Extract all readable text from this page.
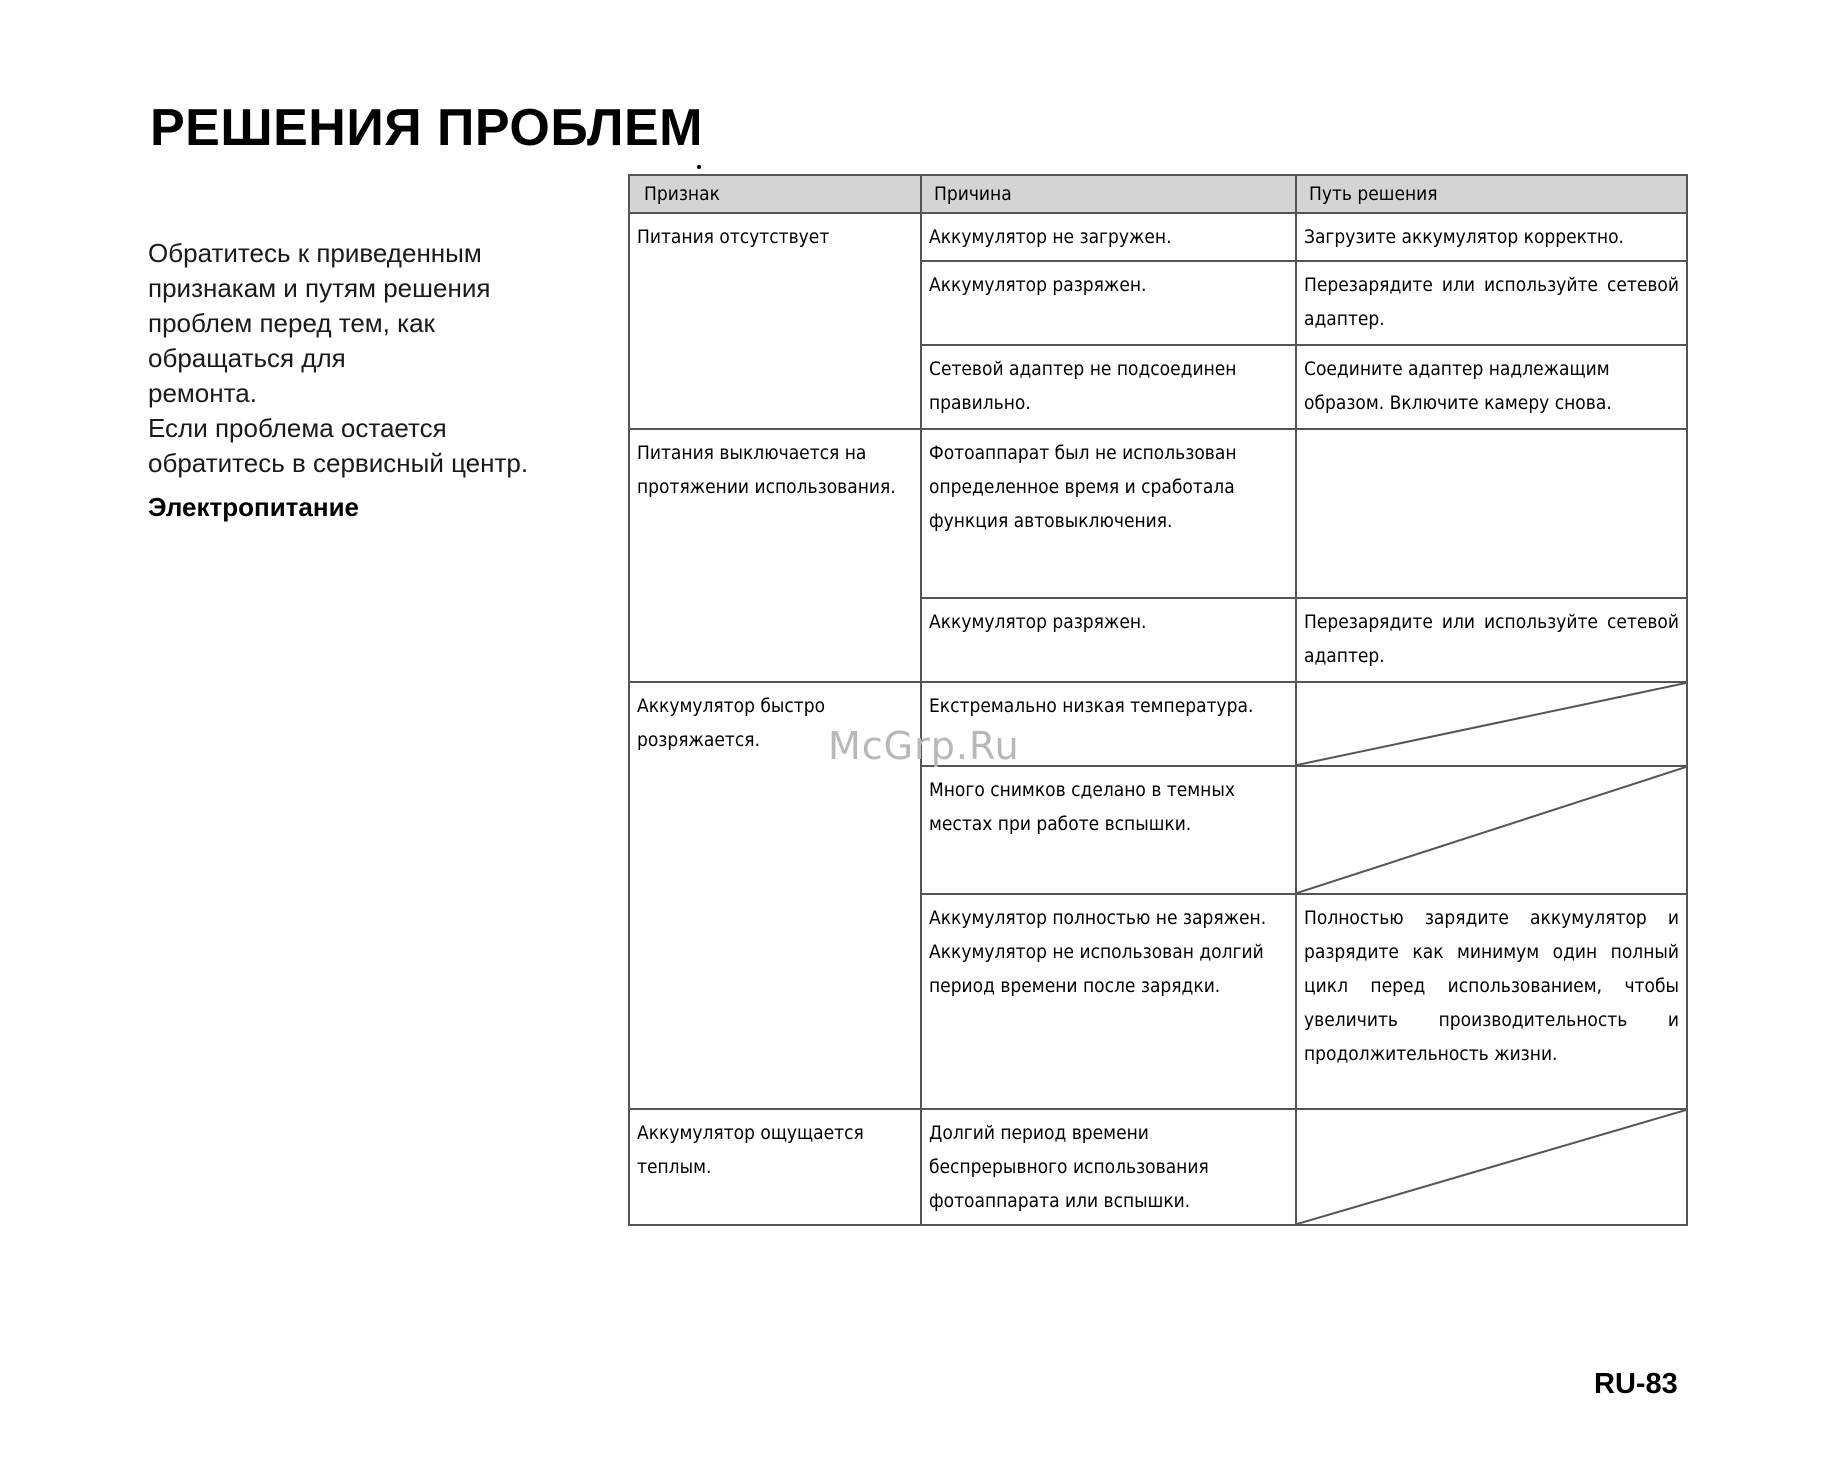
РЕШЕНИЯ ПРОБЛЕМ

Обратитесь к приведенным

признакам и путям решения

проблем перед тем, как

обращаться для

ремонта.

Если проблема остается

обратитесь в сервисный центр.

Электропитание
Признак	Причина	Путь решения
Питания отсутствует	Аккумулятор не загружен.	Загрузите аккумулятор корректно.
	Аккумулятор разряжен.	Перезарядите или используйте сетевой адаптер.
	Сетевой адаптер не подсоединен правильно.	Соедините адаптер надлежащим образом. Включите камеру снова.
Питания выключается на протяжении использования.	Фотоаппарат был не использован определенное время и сработала функция автовыключения.	
	Аккумулятор разряжен.	Перезарядите или используйте сетевой адаптер.
Аккумулятор быстро розряжается.	Екстремально низкая температура.	

	Много снимков сделано в темных местах при работе вспышки.	

	Аккумулятор полностью не заряжен. Аккумулятор не использован долгий период времени после зарядки.	Полностью зарядите аккумулятор и разрядите как минимум один полный цикл перед использованием, чтобы увеличить производительность и продолжительность жизни.
Аккумулятор ощущается теплым.	Долгий период времени беспрерывного использования фотоаппарата или вспышки.	
McGrp.Ru
RU-83
